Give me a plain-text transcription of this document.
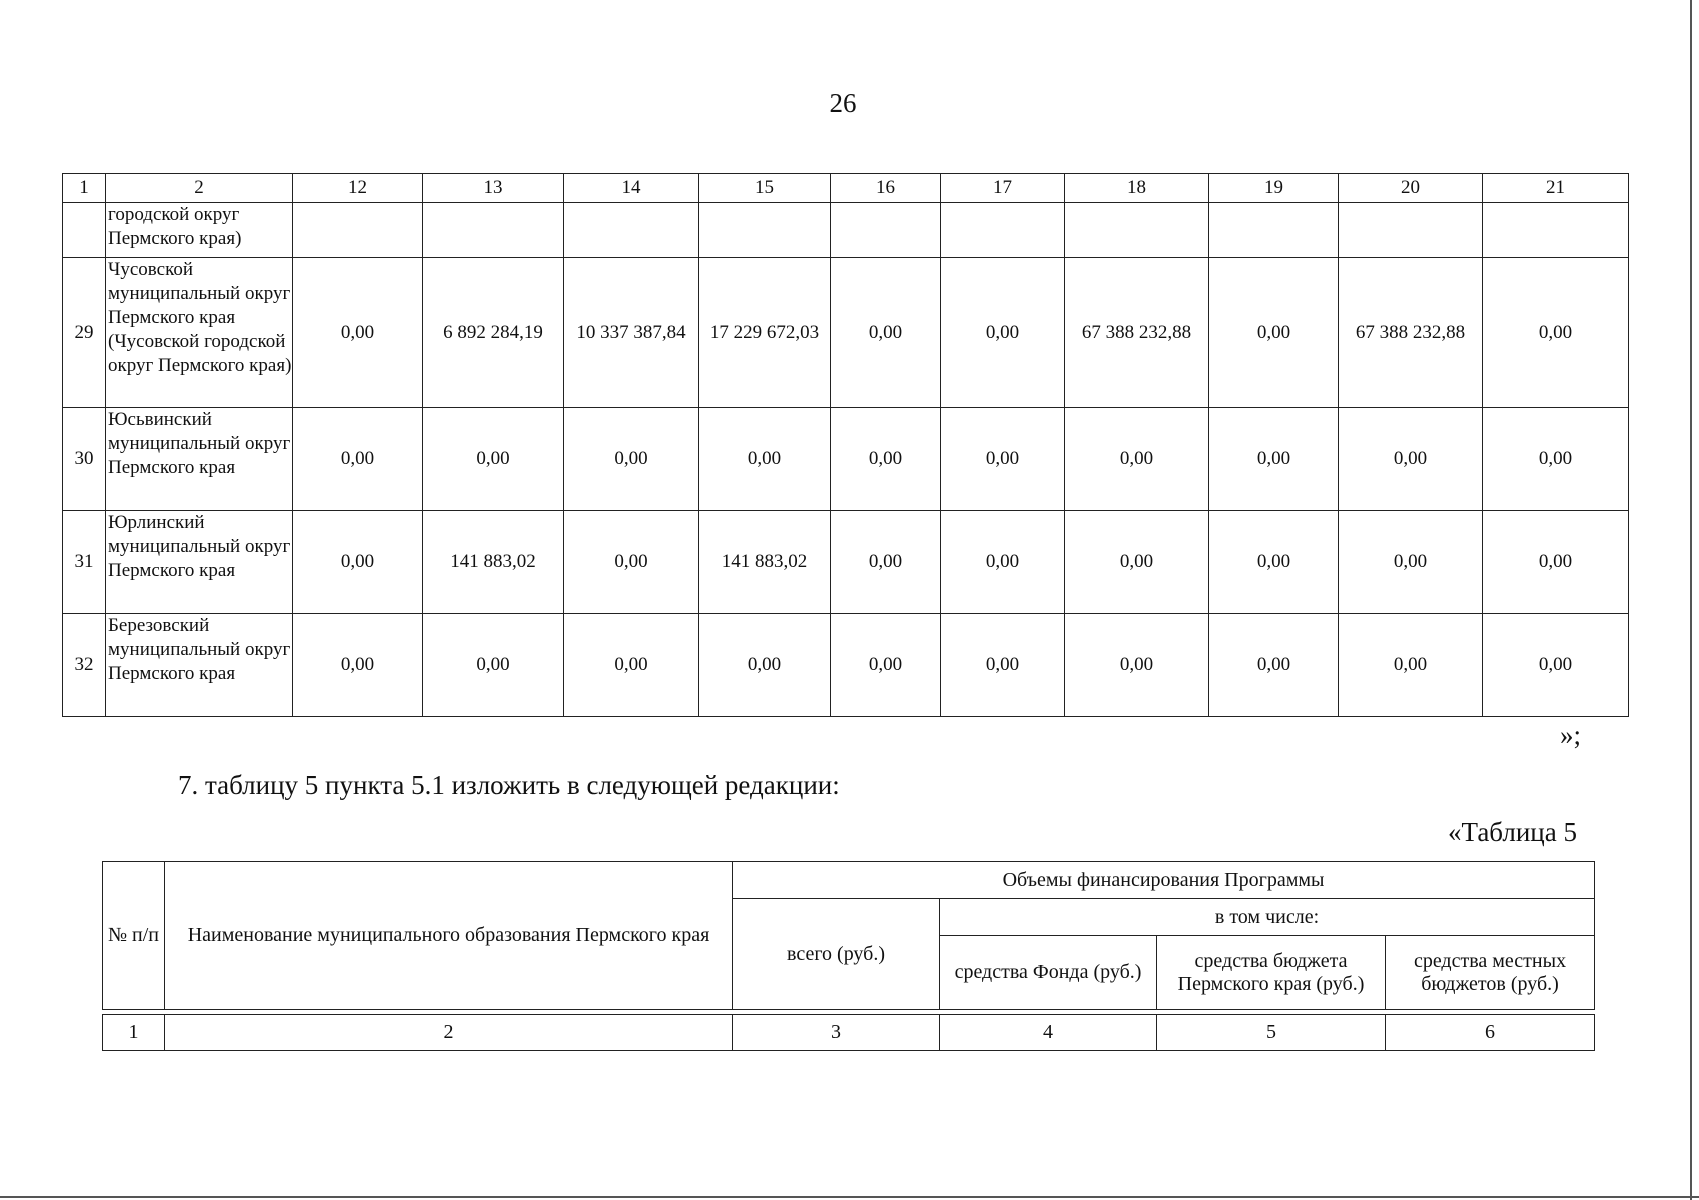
26
1	2	12	13	14	15	16	17	18	19	20	21
	городской округ Пермского края)										
29	Чусовской муниципальный округ Пермского края (Чусовской городской округ Пермского края)	0,00	6 892 284,19	10 337 387,84	17 229 672,03	0,00	0,00	67 388 232,88	0,00	67 388 232,88	0,00
30	Юсьвинский муниципальный округ Пермского края	0,00	0,00	0,00	0,00	0,00	0,00	0,00	0,00	0,00	0,00
31	Юрлинский муниципальный округ Пермского края	0,00	141 883,02	0,00	141 883,02	0,00	0,00	0,00	0,00	0,00	0,00
32	Березовский муниципальный округ Пермского края	0,00	0,00	0,00	0,00	0,00	0,00	0,00	0,00	0,00	0,00
»;
7. таблицу 5 пункта 5.1 изложить в следующей редакции:
«Таблица 5
№ п/п	Наименование муниципального образования Пермского края	Объемы финансирования Программы			
		всего (руб.)	в том числе:		
			средства Фонда (руб.)	средства бюджета Пермского края (руб.)	средства местных бюджетов (руб.)

1	2	3	4	5	6
